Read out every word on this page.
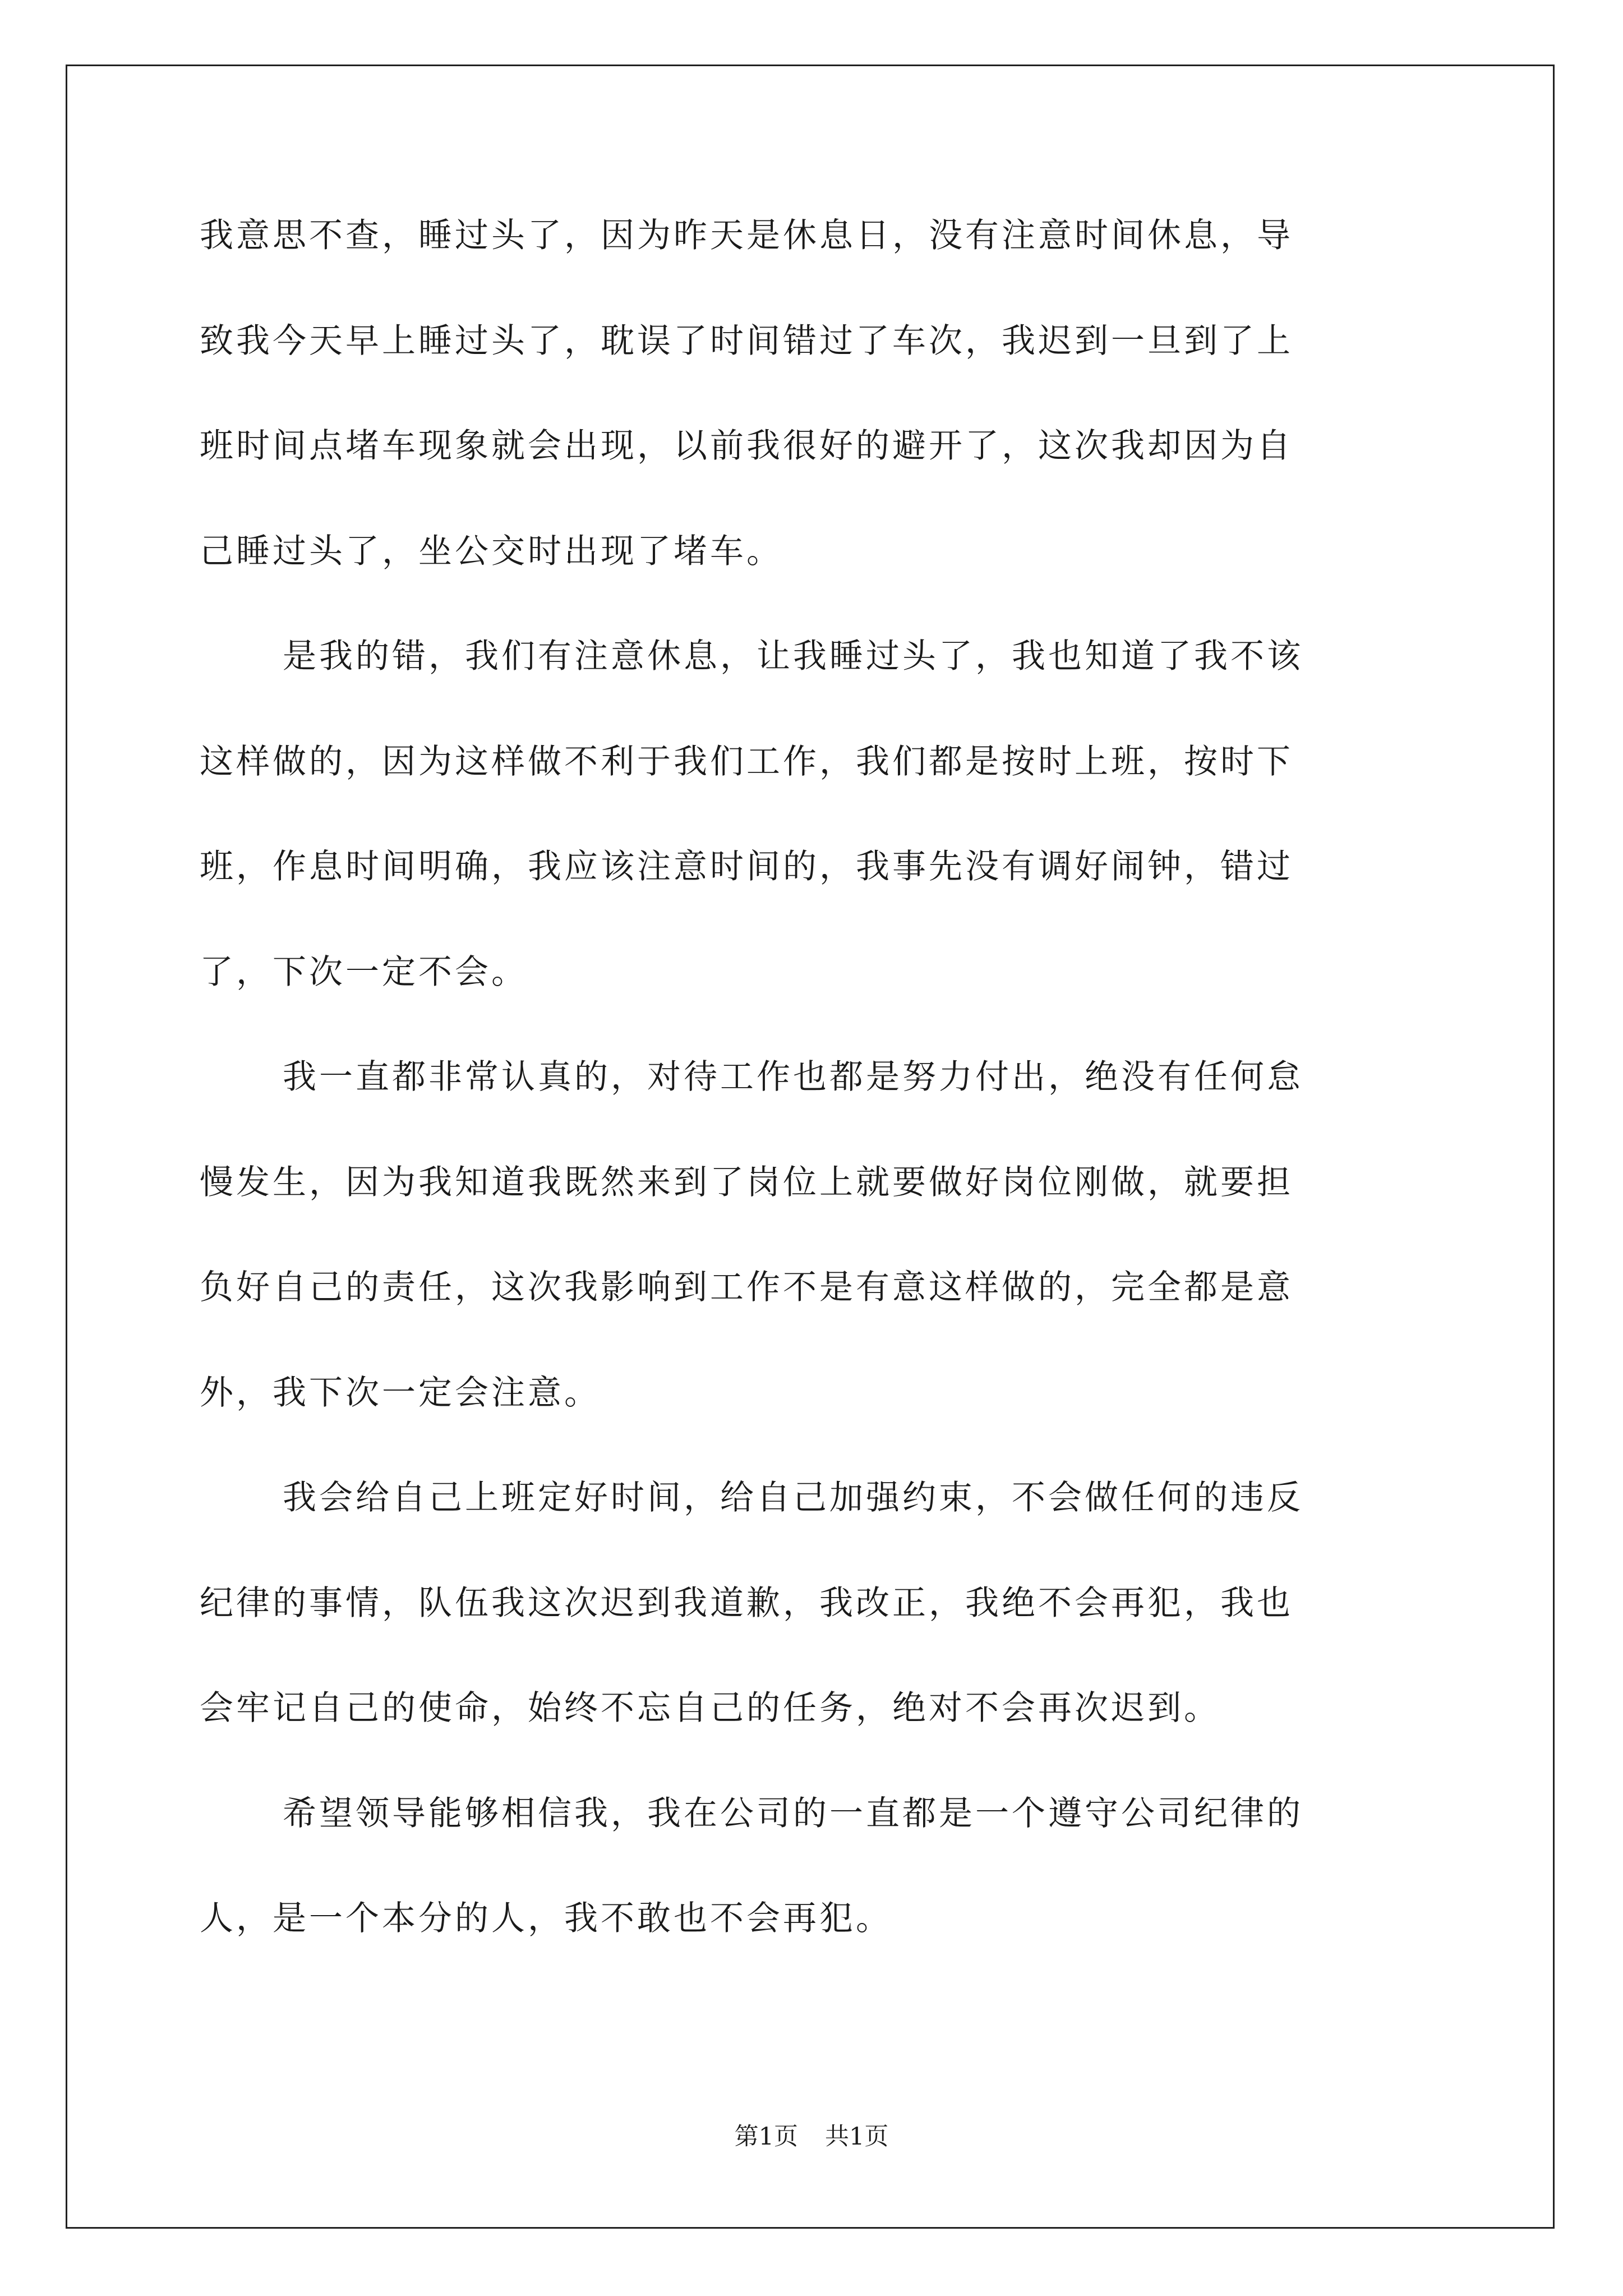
我意思不查，睡过头了，因为昨天是休息日，没有注意时间休息，导
致我今天早上睡过头了，耽误了时间错过了车次，我迟到一旦到了上
班时间点堵车现象就会出现，以前我很好的避开了，这次我却因为自
己睡过头了，坐公交时出现了堵车。
是我的错，我们有注意休息，让我睡过头了，我也知道了我不该
这样做的，因为这样做不利于我们工作，我们都是按时上班，按时下
班，作息时间明确，我应该注意时间的，我事先没有调好闹钟，错过
了，下次一定不会。
我一直都非常认真的，对待工作也都是努力付出，绝没有任何怠
慢发生，因为我知道我既然来到了岗位上就要做好岗位刚做，就要担
负好自己的责任，这次我影响到工作不是有意这样做的，完全都是意
外，我下次一定会注意。
我会给自己上班定好时间，给自己加强约束，不会做任何的违反
纪律的事情，队伍我这次迟到我道歉，我改正，我绝不会再犯，我也
会牢记自己的使命，始终不忘自己的任务，绝对不会再次迟到。
希望领导能够相信我，我在公司的一直都是一个遵守公司纪律的
人，是一个本分的人，我不敢也不会再犯。
第1页 共1页
